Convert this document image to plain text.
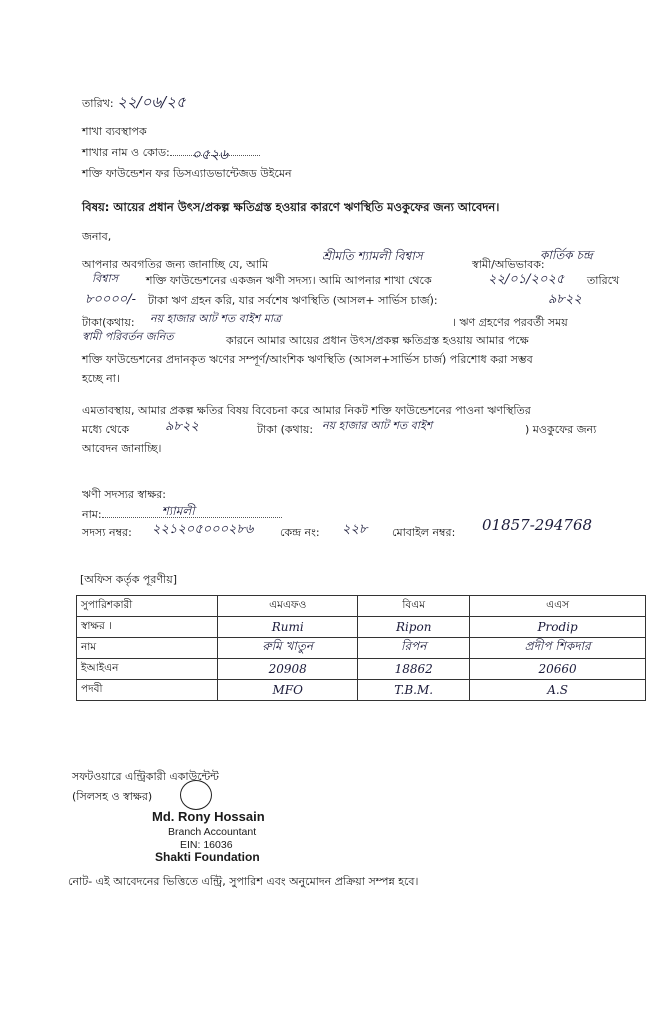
তারিখ: ২২/০৬/২৫
শাখা ব্যবস্থাপক
শাখার নাম ও কোড: ০৫২৬
শক্তি ফাউন্ডেশন ফর ডিসএ্যাডভান্টেজড উইমেন
বিষয়: আয়ের প্রধান উৎস/প্রকল্প ক্ষতিগ্রস্ত হওয়ার কারণে ঋণস্থিতি মওকুফের জন্য আবেদন।
জনাব,
আপনার অবগতির জন্য জানাচ্ছি যে, আমি
শ্রীমতি শ্যামলী বিশ্বাস
স্বামী/অভিভাবক:
কার্তিক চন্দ্র
বিশ্বাস	শক্তি ফাউন্ডেশনের একজন ঋণী সদস্য। আমি আপনার শাখা থেকে	২২/০১/২০২৫ তারিখে
৮০০০০/- টাকা ঋণ গ্রহন করি, যার সর্বশেষ ঋণস্থিতি (আসল+ সার্ভিস চার্জ):	৯৮২২
টাকা(কথায়: নয় হাজার আট শত বাইশ মাত্র	। ঋণ গ্রহণের পরবর্তী সময়
স্বামী পরিবর্তন জনিত	কারনে আমার আয়ের প্রধান উৎস/প্রকল্প ক্ষতিগ্রস্ত হওয়ায় আমার পক্ষে
শক্তি ফাউন্ডেশনের প্রদানকৃত ঋণের সম্পূর্ণ/আংশিক ঋণস্থিতি (আসল+সার্ভিস চার্জ) পরিশোধ করা সম্ভব
হচ্ছে না।
এমতাবস্থায়, আমার প্রকল্প ক্ষতির বিষয় বিবেচনা করে আমার নিকট শক্তি ফাউন্ডেশনের পাওনা ঋণস্থিতির
মধ্যে থেকে	৯৮২২	টাকা (কথায়: নয় হাজার আট শত বাইশ	) মওকুফের জন্য
আবেদন জানাচ্ছি।
ঋণী সদস্যর স্বাক্ষর:
নাম:	শ্যামলী
সদস্য নম্বর: ২২১২০৫০০০২৮৬ কেন্দ্র নং: ২২৮ মোবাইল নম্বর: 01857-294768
[অফিস কর্তৃক পূরণীয়]
সুপারিশকারী	এমএফও	বিএম	এএস
স্বাক্ষর ।	Rumi	Ripon	Prodip
নাম	রুমি খাতুন	রিপন	প্রদীপ শিকদার
ইআইএন	20908	18862	20660
পদবী	MFO	T.B.M.	A.S
সফটওয়ারে এন্ট্রিকারী একাউন্টেন্ট
(সিলসহ ও স্বাক্ষর)
Md. Rony Hossain
Branch Accountant
EIN: 16036
Shakti Foundation
নোট- এই আবেদনের ভিত্তিতে এন্ট্রি, সুপারিশ এবং অনুমোদন প্রক্রিয়া সম্পন্ন হবে।
